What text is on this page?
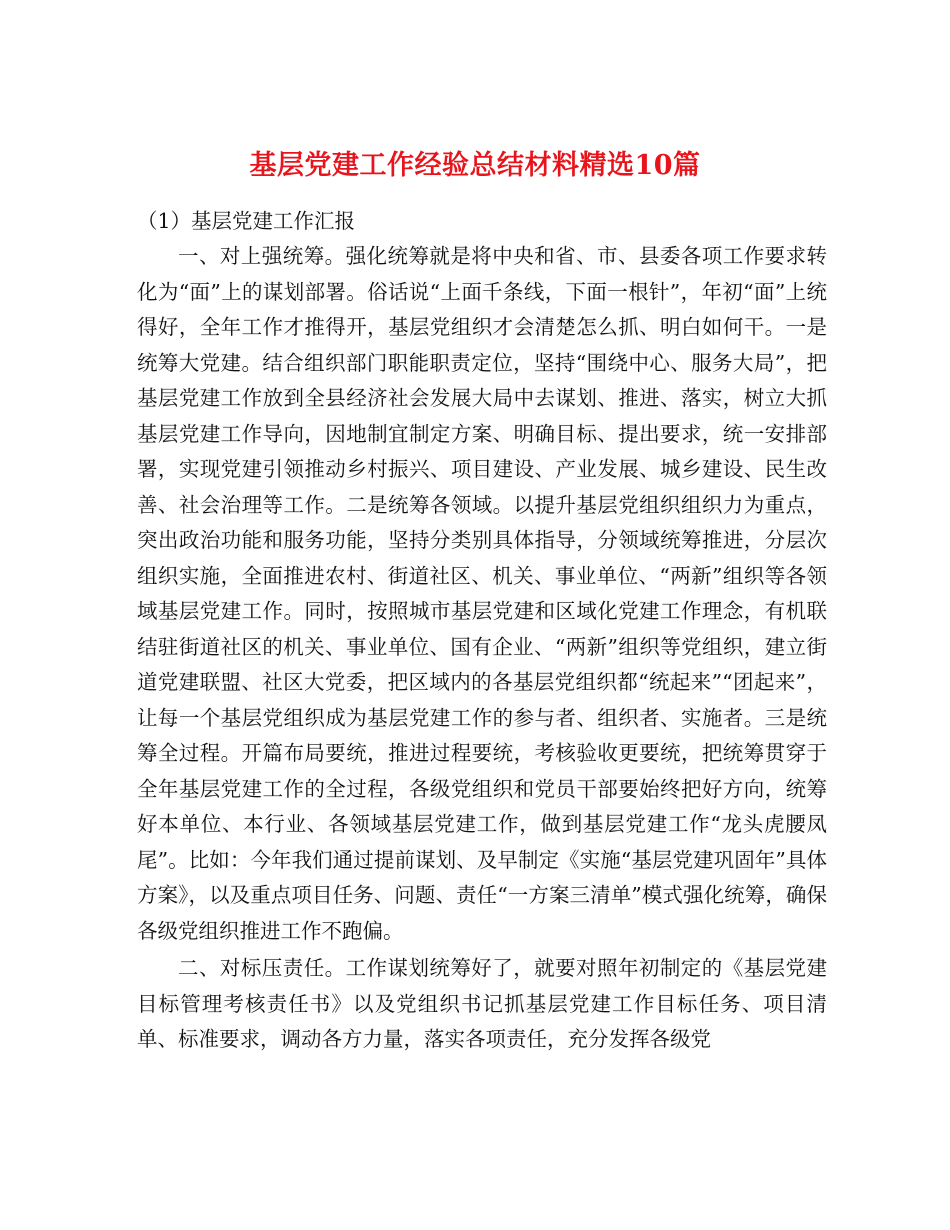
基层党建工作经验总结材料精选10篇

（1）基层党建工作汇报

一、对上强统筹。强化统筹就是将中央和省、市、县委各项工作要求转化为“面”上的谋划部署。俗话说“上面千条线，下面一根针”，年初“面”上统得好，全年工作才推得开，基层党组织才会清楚怎么抓、明白如何干。一是统筹大党建。结合组织部门职能职责定位，坚持“围绕中心、服务大局”，把基层党建工作放到全县经济社会发展大局中去谋划、推进、落实，树立大抓基层党建工作导向，因地制宜制定方案、明确目标、提出要求，统一安排部署，实现党建引领推动乡村振兴、项目建设、产业发展、城乡建设、民生改善、社会治理等工作。二是统筹各领域。以提升基层党组织组织力为重点，突出政治功能和服务功能，坚持分类别具体指导，分领域统筹推进，分层次组织实施，全面推进农村、街道社区、机关、事业单位、“两新”组织等各领域基层党建工作。同时，按照城市基层党建和区域化党建工作理念，有机联结驻街道社区的机关、事业单位、国有企业、“两新”组织等党组织，建立街道党建联盟、社区大党委，把区域内的各基层党组织都“统起来”“团起来”，让每一个基层党组织成为基层党建工作的参与者、组织者、实施者。三是统筹全过程。开篇布局要统，推进过程要统，考核验收更要统，把统筹贯穿于全年基层党建工作的全过程，各级党组织和党员干部要始终把好方向，统筹好本单位、本行业、各领域基层党建工作，做到基层党建工作“龙头虎腰凤尾”。比如：今年我们通过提前谋划、及早制定《实施“基层党建巩固年”具体方案》，以及重点项目任务、问题、责任“一方案三清单”模式强化统筹，确保各级党组织推进工作不跑偏。

二、对标压责任。工作谋划统筹好了，就要对照年初制定的《基层党建目标管理考核责任书》以及党组织书记抓基层党建工作目标任务、项目清单、标准要求，调动各方力量，落实各项责任，充分发挥各级党
